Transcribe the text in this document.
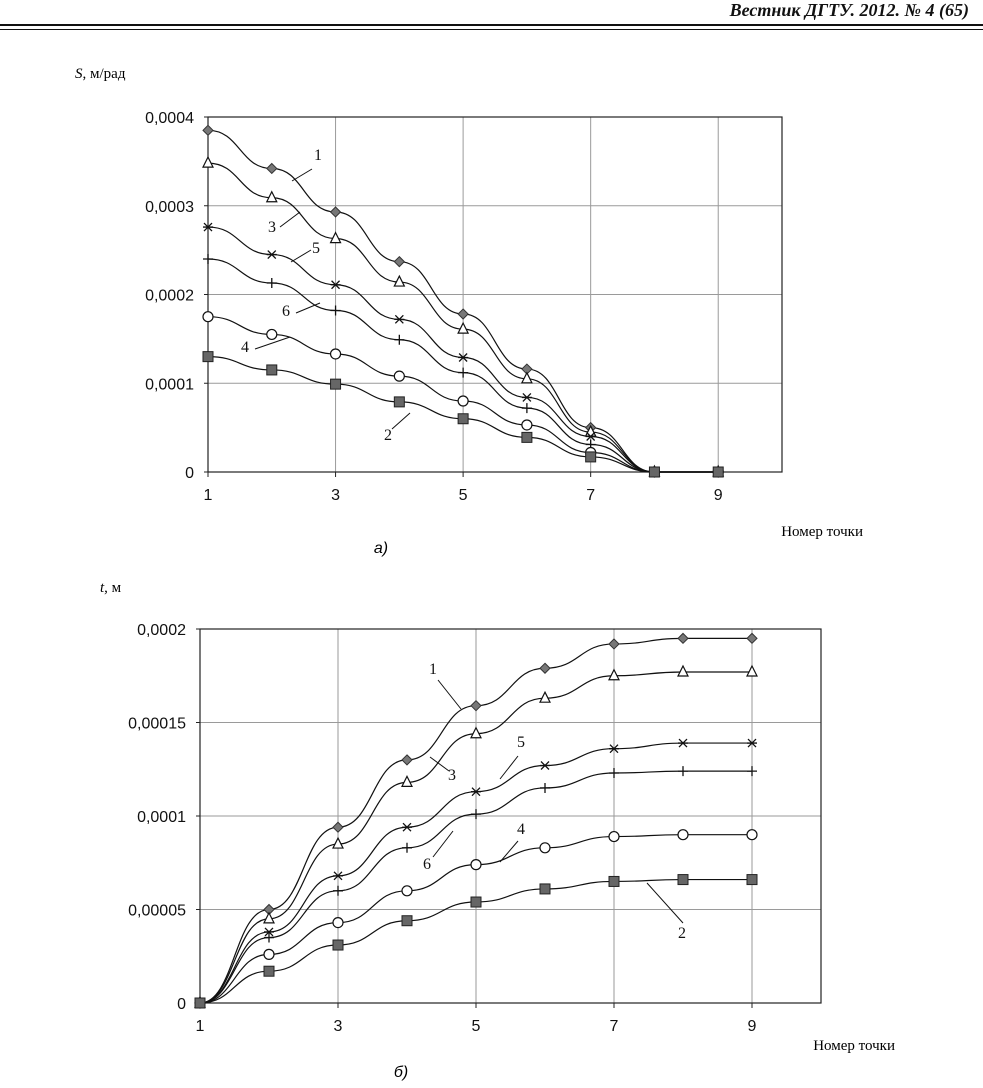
Вестник ДГТУ. 2012. № 4 (65)
S, м/рад
Номер точки
а)
0
0,0001
0,0002
0,0003
0,0004
1	3	5	7	9
1
3
5
6
4
2
t, м
Номер точки
б)
0
0,00005
0,0001
0,00015
0,0002
1	3	5	7	9
1
3
5
6
4
2
